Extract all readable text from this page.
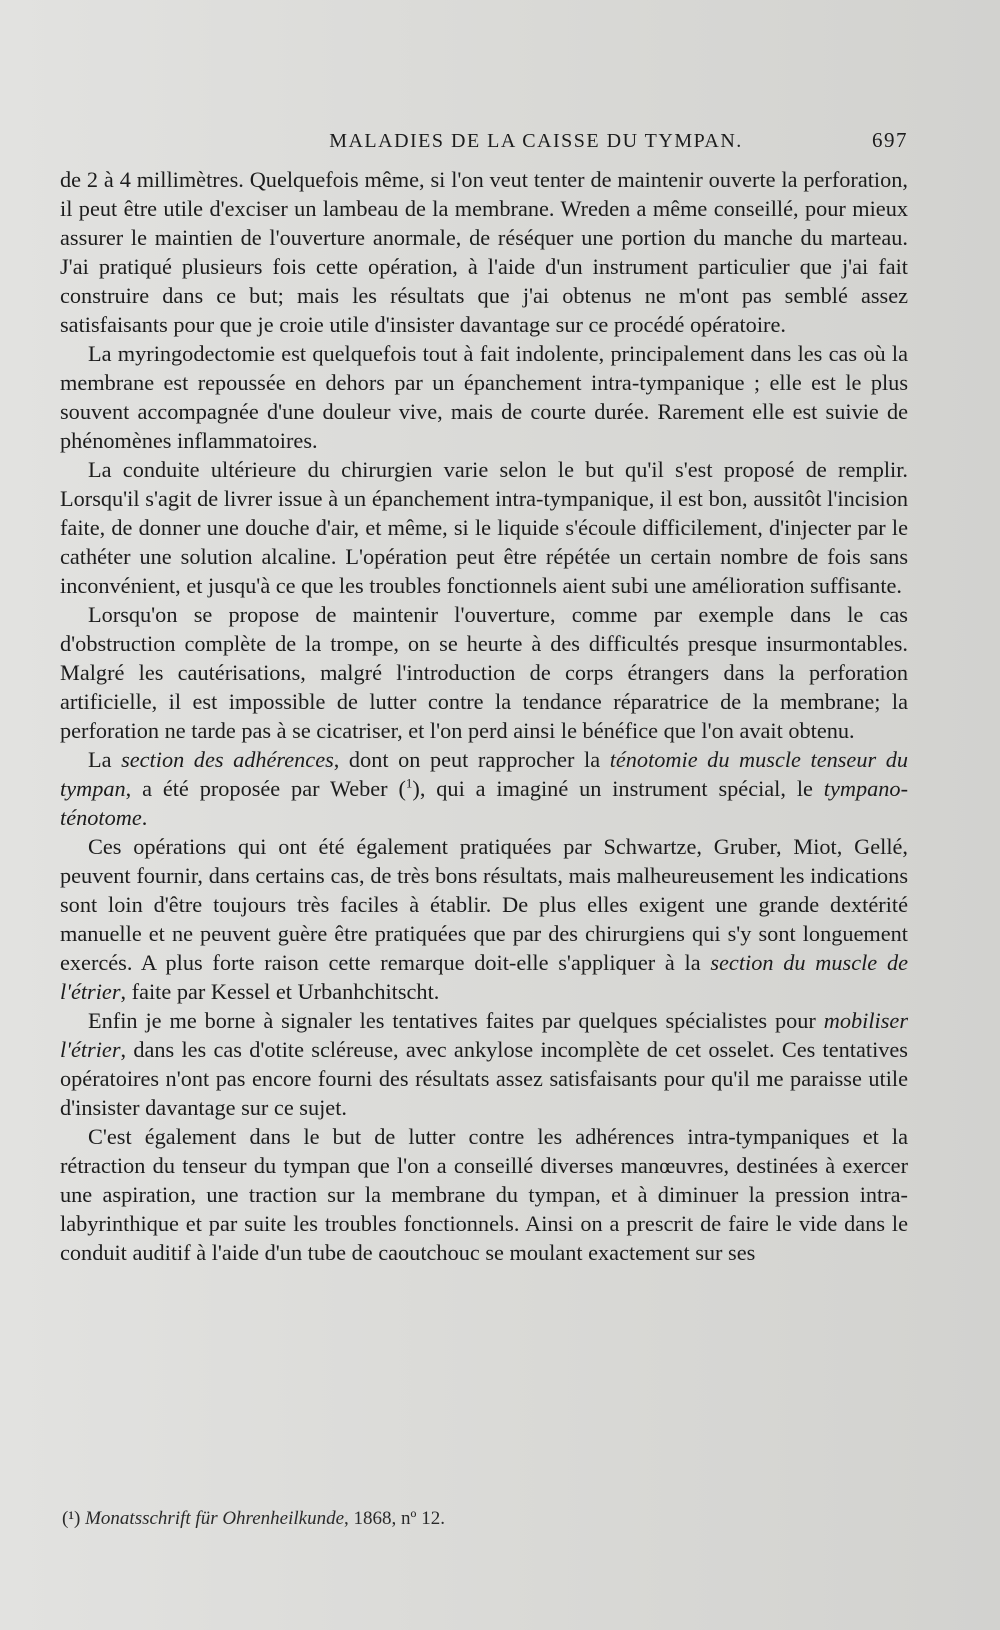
MALADIES DE LA CAISSE DU TYMPAN.	697

de 2 à 4 millimètres. Quelquefois même, si l'on veut tenter de maintenir ouverte la perforation, il peut être utile d'exciser un lambeau de la membrane. Wreden a même conseillé, pour mieux assurer le maintien de l'ouverture anormale, de réséquer une portion du manche du marteau. J'ai pratiqué plusieurs fois cette opération, à l'aide d'un instrument particulier que j'ai fait construire dans ce but; mais les résultats que j'ai obtenus ne m'ont pas semblé assez satisfaisants pour que je croie utile d'insister davantage sur ce procédé opératoire.

La myringodectomie est quelquefois tout à fait indolente, principalement dans les cas où la membrane est repoussée en dehors par un épanchement intra-tympanique ; elle est le plus souvent accompagnée d'une douleur vive, mais de courte durée. Rarement elle est suivie de phénomènes inflammatoires.

La conduite ultérieure du chirurgien varie selon le but qu'il s'est proposé de remplir. Lorsqu'il s'agit de livrer issue à un épanchement intra-tympanique, il est bon, aussitôt l'incision faite, de donner une douche d'air, et même, si le liquide s'écoule difficilement, d'injecter par le cathéter une solution alcaline. L'opération peut être répétée un certain nombre de fois sans inconvénient, et jusqu'à ce que les troubles fonctionnels aient subi une amélioration suffisante.

Lorsqu'on se propose de maintenir l'ouverture, comme par exemple dans le cas d'obstruction complète de la trompe, on se heurte à des difficultés presque insurmontables. Malgré les cautérisations, malgré l'introduction de corps étrangers dans la perforation artificielle, il est impossible de lutter contre la tendance réparatrice de la membrane; la perforation ne tarde pas à se cicatriser, et l'on perd ainsi le bénéfice que l'on avait obtenu.

La section des adhérences, dont on peut rapprocher la ténotomie du muscle tenseur du tympan, a été proposée par Weber ($^1$), qui a imaginé un instrument spécial, le tympano-ténotome.

Ces opérations qui ont été également pratiquées par Schwartze, Gruber, Miot, Gellé, peuvent fournir, dans certains cas, de très bons résultats, mais malheureusement les indications sont loin d'être toujours très faciles à établir. De plus elles exigent une grande dextérité manuelle et ne peuvent guère être pratiquées que par des chirurgiens qui s'y sont longuement exercés. A plus forte raison cette remarque doit-elle s'appliquer à la section du muscle de l'étrier, faite par Kessel et Urbanhchitscht.

Enfin je me borne à signaler les tentatives faites par quelques spécialistes pour mobiliser l'étrier, dans les cas d'otite scléreuse, avec ankylose incomplète de cet osselet. Ces tentatives opératoires n'ont pas encore fourni des résultats assez satisfaisants pour qu'il me paraisse utile d'insister davantage sur ce sujet.

C'est également dans le but de lutter contre les adhérences intra-tympaniques et la rétraction du tenseur du tympan que l'on a conseillé diverses manœuvres, destinées à exercer une aspiration, une traction sur la membrane du tympan, et à diminuer la pression intra-labyrinthique et par suite les troubles fonctionnels. Ainsi on a prescrit de faire le vide dans le conduit auditif à l'aide d'un tube de caoutchouc se moulant exactement sur ses

(¹) Monatsschrift für Ohrenheilkunde, 1868, nº 12.
